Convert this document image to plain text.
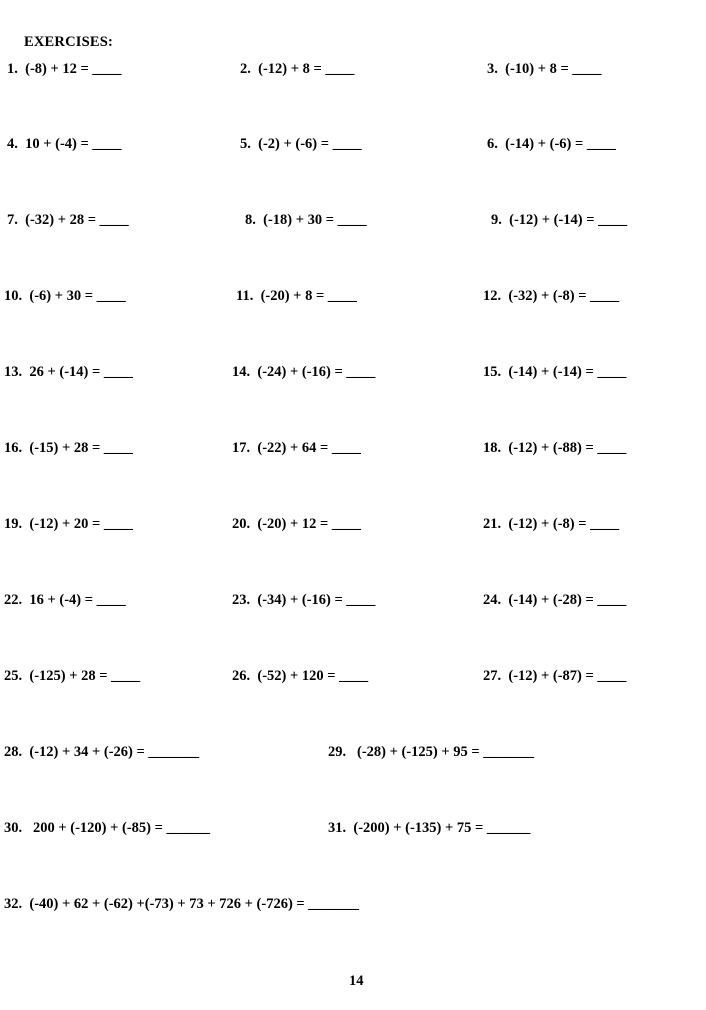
EXERCISES:
1.  (-8) + 12 = ____	2.  (-12) + 8 = ____	3.  (-10) + 8 = ____
4.  10 + (-4) = ____	5.  (-2) + (-6) = ____	6.  (-14) + (-6) = ____
7.  (-32) + 28 = ____	8.  (-18) + 30 = ____	9.  (-12) + (-14) = ____
10.  (-6) + 30 = ____	11.  (-20) + 8 = ____	12.  (-32) + (-8) = ____
13.  26 + (-14) = ____	14.  (-24) + (-16) = ____	15.  (-14) + (-14) = ____
16.  (-15) + 28 = ____	17.  (-22) + 64 = ____	18.  (-12) + (-88) = ____
19.  (-12) + 20 = ____	20.  (-20) + 12 = ____	21.  (-12) + (-8) = ____
22.  16 + (-4) = ____	23.  (-34) + (-16) = ____	24.  (-14) + (-28) = ____
25.  (-125) + 28 = ____	26.  (-52) + 120 = ____	27.  (-12) + (-87) = ____
28.  (-12) + 34 + (-26) = _______	29.   (-28) + (-125) + 95 = _______
30.   200 + (-120) + (-85) = ______	31.  (-200) + (-135) + 75 = ______
32.  (-40) + 62 + (-62) +(-73) + 73 + 726 + (-726) = _______
14
